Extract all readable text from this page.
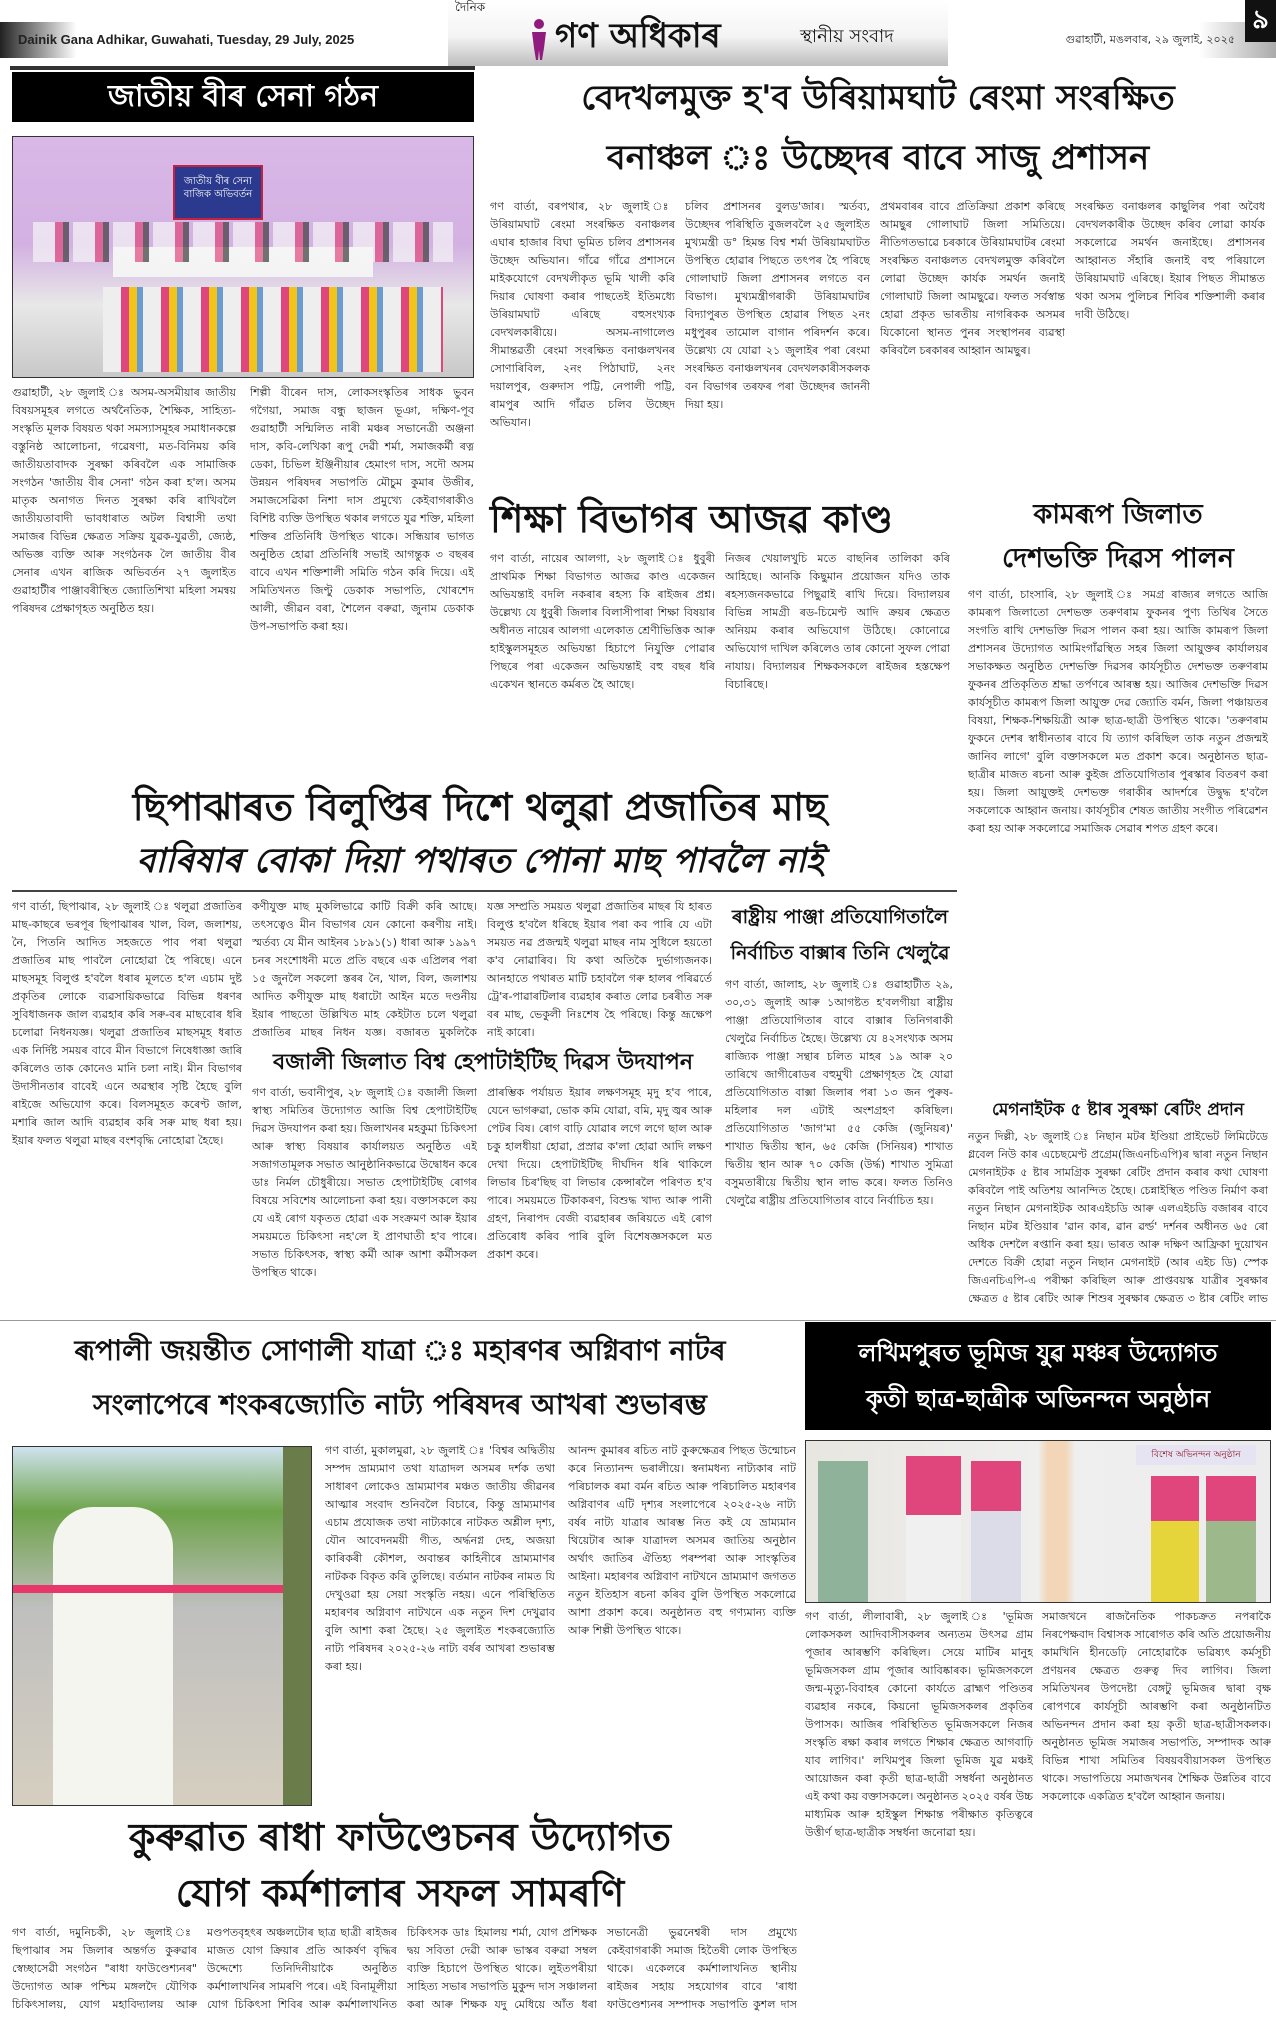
Dainik Gana Adhikar, Guwahati, Tuesday, 29 July, 2025
দৈনিক
গণ অধিকাৰ	স্থানীয় সংবাদ	গুৱাহাটী, মঙলবাৰ, ২৯ জুলাই, ২০২৫
৯
জাতীয় বীৰ সেনা গঠন
জাতীয় বীৰ সেনা বাজিক অভিবৰ্তন
গুৱাহাটী, ২৮ জুলাই ঃ অসম-অসমীয়াৰ জাতীয় বিষয়সমূহৰ লগতে অৰ্থনৈতিক, শৈক্ষিক, সাহিত্য-সংস্কৃতি মূলক বিষয়ত থকা সমস্যাসমূহৰ সমাধানকল্পে বস্তুনিষ্ঠ আলোচনা, গৱেষণা, মত-বিনিময় কৰি জাতীয়তাবাদক সুৰক্ষা কৰিবলৈ এক সামাজিক সংগঠন 'জাতীয় বীৰ সেনা' গঠন কৰা হ'ল। অসম মাতৃক অনাগত দিনত সুৰক্ষা কৰি ৰাখিবলৈ জাতীয়তাবাদী ভাবধাৰাত অটল বিশ্বাসী তথা সমাজৰ বিভিন্ন ক্ষেত্ৰত সক্ৰিয় যুৱক-যুৱতী, জ্যেষ্ঠ, অভিজ্ঞ ব্যক্তি আৰু সংগঠনক লৈ জাতীয় বীৰ সেনাৰ এখন ৰাজিক অভিবৰ্তন ২৭ জুলাইত গুৱাহাটীৰ পাঞ্জাবৰীস্থিত জ্যোতিশিখা মহিলা সমন্বয় পৰিষদৰ প্ৰেক্ষাগৃহত অনুষ্ঠিত হয়।
শিল্পী বীৰেন দাস, লোকসংস্কৃতিৰ সাধক ভুবন গগৈয়া, সমাজ বন্ধু ছাজন ভূঞা, দক্ষিণ-পূব গুৱাহাটী সন্মিলিত নাৰী মঞ্চৰ সভানেত্ৰী অঞ্জনা দাস, কবি-লেখিকা ৰূপু দেৱী শৰ্মা, সমাজকৰ্মী ৰত্ন ডেকা, চিভিল ইঞ্জিনীয়াৰ হেমাংগ দাস, সদৌ অসম উন্নয়ন পৰিষদৰ সভাপতি মৌচুম কুমাৰ উজীৰ, সমাজসেৱিকা নিশা দাস প্ৰমুখ্যে কেইবাগৰাকীও বিশিষ্ট ব্যক্তি উপস্থিত থকাৰ লগতে যুৱ শক্তি, মহিলা শক্তিৰ প্ৰতিনিধি উপস্থিত থাকে। সন্ধিয়াৰ ভাগত অনুষ্ঠিত হোৱা প্ৰতিনিধি সভাই আগন্তুক ৩ বছৰৰ বাবে এখন শক্তিশালী সমিতি গঠন কৰি দিয়ে। এই সমিতিখনত জিণ্টু ডেকাক সভাপতি, খোৰশেদ আলী, জীৱন বৰা, শৈলেন বৰুৱা, জুনাম ডেকাক উপ-সভাপতি কৰা হয়।
বেদখলমুক্ত হ'ব উৰিয়ামঘাট ৰেংমা সংৰক্ষিত
বনাঞ্চল ঃ উচ্ছেদৰ বাবে সাজু প্ৰশাসন
গণ বাৰ্তা, বৰপথাৰ, ২৮ জুলাই ঃ উৰিয়ামঘাট ৰেংমা সংৰক্ষিত বনাঞ্চলৰ এঘাৰ হাজাৰ বিঘা ভূমিত চলিব প্ৰশাসনৰ উচ্ছেদ অভিযান। গাঁৱে গাঁৱে প্ৰশাসনে মাইকযোগে বেদখলীকৃত ভূমি খালী কৰি দিয়াৰ ঘোষণা কৰাৰ পাছতেই ইতিমধ্যে উৰিয়ামঘাট এৰিছে বহুসংখ্যক বেদখলকাৰীয়ে। অসম-নাগালেণ্ড সীমান্তৱৰ্তী ৰেংমা সংৰক্ষিত বনাঞ্চলখনৰ সোণাৰিবিল, ২নং পিঠাঘাট, ২নং দয়ালপুৰ, গুৰুদাস পট্টি, নেপালী পট্টি, ৰামপুৰ আদি গাঁৱত চলিব উচ্ছেদ অভিযান।
চলিব প্ৰশাসনৰ বুলড'জাৰ। স্মৰ্তব্য, উচ্ছেদৰ পৰিস্থিতি বুজলবলৈ ২৫ জুলাইত মুখ্যমন্ত্ৰী ড° হিমন্ত বিশ্ব শৰ্মা উৰিয়ামঘাটত উপস্থিত হোৱাৰ পিছতে তৎপৰ হৈ পৰিছে গোলাঘাট জিলা প্ৰশাসনৰ লগতে বন বিভাগ। মুখ্যমন্ত্ৰীগৰাকী উৰিয়ামঘাটৰ বিদ্যাপুৰত উপস্থিত হোৱাৰ পিছত ২নং মধুপুৰৰ তামোল বাগান পৰিদৰ্শন কৰে। উল্লেখ্য যে যোৱা ২১ জুলাইৰ পৰা ৰেংমা সংৰক্ষিত বনাঞ্চলখনৰ বেদখলকাৰীসকলক বন বিভাগৰ তৰফৰ পৰা উচ্ছেদৰ জাননী দিয়া হয়।
প্ৰথমবাৰৰ বাবে প্ৰতিক্ৰিয়া প্ৰকাশ কৰিছে আমছুৰ গোলাঘাট জিলা সমিতিয়ে। নীতিগতভাৱে চৰকাৰে উৰিয়ামঘাটৰ ৰেংমা সংৰক্ষিত বনাঞ্চলত বেদখলমুক্ত কৰিবলৈ লোৱা উচ্ছেদ কাৰ্যক সমৰ্থন জনাই গোলাঘাট জিলা আমছুৱে। ফলত সৰ্বস্বান্ত হোৱা প্ৰকৃত ভাৰতীয় নাগৰিকক অসমৰ যিকোনো স্থানত পুনৰ সংস্থাপনৰ ব্যৱস্থা কৰিবলৈ চৰকাৰৰ আহ্বান আমছুৰ।
সংৰক্ষিত বনাঞ্চলৰ কাছুলিৰ পৰা অবৈধ বেদখলকাৰীক উচ্ছেদ কৰিব লোৱা কাৰ্যক সকলোৱে সমৰ্থন জনাইছে। প্ৰশাসনৰ আহ্বানত সঁহাৰি জনাই বহু পৰিয়ালে উৰিয়ামঘাট এৰিছে। ইয়াৰ পিছত সীমান্তত থকা অসম পুলিচৰ শিবিৰ শক্তিশালী কৰাৰ দাবী উঠিছে।
শিক্ষা বিভাগৰ আজৱ কাণ্ড
গণ বাৰ্তা, নায়েৰ আলগা, ২৮ জুলাই ঃ ধুবুৰী প্ৰাথমিক শিক্ষা বিভাগত আজৱ কাণ্ড একেজন অভিযন্তাই বদলি নকৰাৰ ৰহস্য কি ৰাইজৰ প্ৰশ্ন। উল্লেখ্য যে ধুবুৰী জিলাৰ বিলাসীপাৰা শিক্ষা বিষয়াৰ অধীনত নায়েৰ আলগা এলেকাত শ্ৰেণীভিত্তিক আৰু হাইস্কুলসমূহত অভিযন্তা হিচাপে নিযুক্তি পোৱাৰ পিছৰে পৰা একেজন অভিযন্তাই বহু বছৰ ধৰি একেখন স্থানতে কৰ্মৰত হৈ আছে।
নিজৰ খেয়ালখুচি মতে বাছনিৰ তালিকা কৰি আহিছে। আনকি কিছুমান প্ৰয়োজন যদিও তাক ৰহস্যজনকভাৱে পিছুৱাই ৰাখি দিয়ে। বিদ্যালয়ৰ বিভিন্ন সামগ্ৰী ৰড-চিমেণ্ট আদি ক্ৰয়ৰ ক্ষেত্ৰত অনিয়ম কৰাৰ অভিযোগ উঠিছে। কোনোৱে অভিযোগ দাখিল কৰিলেও তাৰ কোনো সুফল পোৱা নাযায়। বিদ্যালয়ৰ শিক্ষকসকলে ৰাইজৰ হস্তক্ষেপ বিচাৰিছে।
কামৰূপ জিলাত
দেশভক্তি দিৱস পালন
গণ বাৰ্তা, চাংসাৰি, ২৮ জুলাই ঃ সমগ্ৰ ৰাজ্যৰ লগতে আজি কামৰূপ জিলাতো দেশভক্ত তৰুণৰাম ফুকনৰ পুণ্য তিথিৰ সৈতে সংগতি ৰাখি দেশভক্তি দিৱস পালন কৰা হয়। আজি কামৰূপ জিলা প্ৰশাসনৰ উদ্যোগত আমিংগাঁৱস্থিত সহৰ জিলা আয়ুক্তৰ কাৰ্যালয়ৰ সভাকক্ষত অনুষ্ঠিত দেশভক্তি দিৱসৰ কাৰ্যসূচীত দেশভক্ত তৰুণৰাম ফুকনৰ প্ৰতিকৃতিত শ্ৰদ্ধা তৰ্পণৰে আৰম্ভ হয়। আজিৰ দেশভক্তি দিৱস কাৰ্যসূচীত কামৰূপ জিলা আয়ুক্ত দেৱ জ্যোতি বৰ্মন, জিলা পঞ্চায়তৰ বিষয়া, শিক্ষক-শিক্ষয়িত্ৰী আৰু ছাত্ৰ-ছাত্ৰী উপস্থিত থাকে। 'তৰুণৰাম ফুকনে দেশৰ স্বাধীনতাৰ বাবে যি ত্যাগ কৰিছিল তাক নতুন প্ৰজন্মই জানিব লাগে' বুলি বক্তাসকলে মত প্ৰকাশ কৰে। অনুষ্ঠানত ছাত্ৰ-ছাত্ৰীৰ মাজত ৰচনা আৰু কুইজ প্ৰতিযোগিতাৰ পুৰস্কাৰ বিতৰণ কৰা হয়। জিলা আয়ুক্তই দেশভক্ত গৰাকীৰ আদৰ্শৰে উদ্বুদ্ধ হ'বলৈ সকলোকে আহ্বান জনায়। কাৰ্যসূচীৰ শেষত জাতীয় সংগীত পৰিৱেশন কৰা হয় আৰু সকলোৱে সমাজিক সেৱাৰ শপত গ্ৰহণ কৰে।
ছিপাঝাৰত বিলুপ্তিৰ দিশে থলুৱা প্ৰজাতিৰ মাছ
বাৰিষাৰ বোকা দিয়া পথাৰত পোনা মাছ পাবলৈ নাই
গণ বাৰ্তা, ছিপাঝাৰ, ২৮ জুলাই ঃ থলুৱা প্ৰজাতিৰ মাছ-কাছৰে ভৰপূৰ ছিপাঝাৰৰ খাল, বিল, জলাশয়, নৈ, পিতনি আদিত সহজতে পাব পৰা থলুৱা প্ৰজাতিৰ মাছ পাবলৈ নোহোৱা হৈ পৰিছে। এনে মাছসমূহ বিলুপ্ত হ'বলৈ ধৰাৰ মূলতে হ'ল এচাম দুষ্ট প্ৰকৃতিৰ লোকে ব্যৱসায়িকভাৱে বিভিন্ন ধৰণৰ সুবিধাজনক জাল ব্যৱহাৰ কৰি সৰু-বৰ মাছবোৰ ধৰি চলোৱা নিধনযজ্ঞ। থলুৱা প্ৰজাতিৰ মাছসমূহ ধৰাত এক নিৰ্দিষ্ট সময়ৰ বাবে মীন বিভাগে নিষেধাজ্ঞা জাৰি কৰিলেও তাক কোনেও মানি চলা নাই। মীন বিভাগৰ উদাসীনতাৰ বাবেই এনে অৱস্থাৰ সৃষ্টি হৈছে বুলি ৰাইজে অভিযোগ কৰে। বিলসমূহত কৰেণ্ট জাল, মশাৰি জাল আদি ব্যৱহাৰ কৰি সৰু মাছ ধৰা হয়। ইয়াৰ ফলত থলুৱা মাছৰ বংশবৃদ্ধি নোহোৱা হৈছে।
কণীযুক্ত মাছ মুকলিভাৱে কাটি বিক্ৰী কৰি আছে। তৎসত্বেও মীন বিভাগৰ যেন কোনো কৰণীয় নাই। স্মৰ্তব্য যে মীন আইনৰ ১৮৯১(১) ধাৰা আৰু ১৯৯৭ চনৰ সংশোধনী মতে প্ৰতি বছৰে এক এপ্ৰিলৰ পৰা ১৫ জুনলৈ সকলো স্তৰৰ নৈ, খাল, বিল, জলাশয় আদিত কণীযুক্ত মাছ ধৰাটো আইন মতে দণ্ডনীয় ইয়াৰ পাছতো উল্লিখিত মাহ কেইটাত চলে থলুৱা প্ৰজাতিৰ মাছৰ নিধন যজ্ঞ। বজাৰত মুকলিকৈ
যজ্ঞ সম্প্ৰতি সময়ত থলুৱা প্ৰজাতিৰ মাছৰ যি হাৰত বিলুপ্ত হ'বলৈ ধৰিছে ইয়াৰ পৰা কব পাৰি যে এটা সময়ত নৱ প্ৰজন্মই থলুৱা মাছৰ নাম সুধিলে হয়তো ক'ব নোৱাৰিব। যি কথা অতিকৈ দুৰ্ভাগ্যজনক। আনহাতে পথাৰত মাটি চহাবলৈ গৰু হালৰ পৰিৱৰ্তে ট্ৰে'ৰ-পাৱাৰটিলাৰ ব্যৱহাৰ কৰাত লোৱ চৰৰীত সৰু বৰ মাছ, ভেকুলী নিঃশেষ হৈ পৰিছে। কিন্তু ভ্ৰূক্ষেপ নাই কাৰো।
বজালী জিলাত বিশ্ব হেপাটাইটিছ দিৱস উদযাপন
গণ বাৰ্তা, ভবানীপুৰ, ২৮ জুলাই ঃ বজালী জিলা স্বাস্থ্য সমিতিৰ উদ্যোগত আজি বিশ্ব হেপাটাইটিছ দিৱস উদযাপন কৰা হয়। জিলাখনৰ মহকুমা চিকিৎসা আৰু স্বাস্থ্য বিষয়াৰ কাৰ্যালয়ত অনুষ্ঠিত এই সজাগতামূলক সভাত আনুষ্ঠানিকভাৱে উদ্বোধন কৰে ডাঃ নিৰ্মল চৌধুৰীয়ে। সভাত হেপাটাইটিছ ৰোগৰ বিষয়ে সবিশেষ আলোচনা কৰা হয়। বক্তাসকলে কয় যে এই ৰোগ যকৃতত হোৱা এক সংক্ৰমণ আৰু ইয়াৰ সময়মতে চিকিৎসা নহ'লে ই প্ৰাণঘাতী হ'ব পাৰে। সভাত চিকিৎসক, স্বাস্থ্য কৰ্মী আৰু আশা কৰ্মীসকল উপস্থিত থাকে।
প্ৰাৰম্ভিক পৰ্যায়ত ইয়াৰ লক্ষণসমূহ মৃদু হ'ব পাৰে, যেনে ভাগৰুৱা, ভোক কমি যোৱা, বমি, মৃদু জ্বৰ আৰু পেটৰ বিষ। ৰোগ বাঢ়ি যোৱাৰ লগে লগে ছাল আৰু চকু হালধীয়া হোৱা, প্ৰস্ৰাৱ ক'লা হোৱা আদি লক্ষণ দেখা দিয়ে। হেপাটাইটিছ দীৰ্ঘদিন ধৰি থাকিলে লিভাৰ চিৰ'ছিছ বা লিভাৰ কেন্সাৰলৈ পৰিণত হ'ব পাৰে। সময়মতে টিকাকৰণ, বিশুদ্ধ খাদ্য আৰু পানী গ্ৰহণ, নিৰাপদ বেজী ব্যৱহাৰৰ জৰিয়তে এই ৰোগ প্ৰতিৰোধ কৰিব পাৰি বুলি বিশেষজ্ঞসকলে মত প্ৰকাশ কৰে।
ৰাষ্ট্ৰীয় পাঞ্জা প্ৰতিযোগিতালৈ
নিৰ্বাচিত বাক্সাৰ তিনি খেলুৱৈ
গণ বাৰ্তা, জালাহ, ২৮ জুলাই ঃ গুৱাহাটীত ২৯, ৩০,৩১ জুলাই আৰু ১আগষ্টত হ'বলগীয়া ৰাষ্ট্ৰীয় পাঞ্জা প্ৰতিযোগিতাৰ বাবে বাক্সাৰ তিনিগৰাকী খেলুৱৈ নিৰ্বাচিত হৈছে। উল্লেখ্য যে ৪২সংখ্যক অসম ৰাজ্যিক পাঞ্জা সন্থাৰ চলিত মাহৰ ১৯ আৰু ২০ তাৰিখে জাগীৰোডৰ বহুমুখী প্ৰেক্ষাগৃহত হৈ যোৱা প্ৰতিযোগিতাত বাক্সা জিলাৰ পৰা ১৩ জন পুৰুষ-মহিলাৰ দল এটাই অংশগ্ৰহণ কৰিছিল। প্ৰতিযোগিতাত 'জাগ'মা ৫৫ কেজি (জুনিয়ৰ)' শাখাত দ্বিতীয় স্থান, ৬৫ কেজি (সিনিয়ৰ) শাখাত দ্বিতীয় স্থান আৰু ৭০ কেজি (উৰ্দ্ধ) শাখাত সুমিত্ৰা বসুমতাৰীয়ে দ্বিতীয় স্থান লাভ কৰে। ফলত তিনিও খেলুৱৈ ৰাষ্ট্ৰীয় প্ৰতিযোগিতাৰ বাবে নিৰ্বাচিত হয়।
মেগনাইটক ৫ ষ্টাৰ সুৰক্ষা ৰেটিং প্ৰদান
নতুন দিল্লী, ২৮ জুলাই ঃ নিছান মটৰ ইণ্ডিয়া প্ৰাইভেট লিমিটেডে গ্লবেল নিউ কাৰ এচেছমেণ্ট প্ৰগ্ৰেম(জিএনচিএপি)ৰ দ্বাৰা নতুন নিছান মেগনাইটক ৫ ষ্টাৰ সামগ্ৰিক সুৰক্ষা ৰেটিং প্ৰদান কৰাৰ কথা ঘোষণা কৰিবলৈ পাই অতিশয় আনন্দিত হৈছে। চেন্নাইস্থিত পণ্ডিত নিৰ্মাণ কৰা নতুন নিছান মেগনাইটক আৰএইচডি আৰু এলএইচডি বজাৰৰ বাবে নিছান মটৰ ইণ্ডিয়াৰ 'ৱান কাৰ, ৱান ৱৰ্ল্ড' দৰ্শনৰ অধীনত ৬৫ ৰো অধিক দেশলৈ ৰপ্তানি কৰা হয়। ভাৰত আৰু দক্ষিণ আফ্ৰিকা দুয়োখন দেশতে বিক্ৰী হোৱা নতুন নিছান মেগনাইট (আৰ এইচ ডি) স্পেক জিএনচিএপি-এ পৰীক্ষা কৰিছিল আৰু প্ৰাপ্তবয়স্ক যাত্ৰীৰ সুৰক্ষাৰ ক্ষেত্ৰত ৫ ষ্টাৰ ৰেটিং আৰু শিশুৰ সুৰক্ষাৰ ক্ষেত্ৰত ৩ ষ্টাৰ ৰেটিং লাভ
ৰূপালী জয়ন্তীত সোণালী যাত্ৰা ঃ মহাৰণৰ অগ্নিবাণ নাটৰ
সংলাপেৰে শংকৰজ্যোতি নাট্য পৰিষদৰ আখৰা শুভাৰম্ভ
গণ বাৰ্তা, মুকালমুৱা, ২৮ জুলাই ঃ 'বিশ্বৰ অদ্বিতীয় সম্পদ ভ্ৰাম্যমাণ তথা যাত্ৰাদল অসমৰ দৰ্শক তথা সাধাৰণ লোকেও ভ্ৰাম্যমাণৰ মঞ্চত জাতীয় জীৱনৰ আত্মাৰ সংবাদ শুনিবলৈ বিচাৰে, কিন্তু ভ্ৰাম্যমাণৰ এচাম প্ৰযোজক তথা নাট্যকাৰে নাটকত অশ্লীল দৃশ্য, যৌন আবেদনময়ী গীত, অৰ্দ্ধনগ্ন দেহ, অজয়া কাৰিকৰী কৌশল, অবান্তৰ কাহিনীৰে ভ্ৰাম্যমাণৰ নাটকক বিকৃত কৰি তুলিছে। বৰ্তমান নাটকৰ নামত যি দেখুওৱা হয় সেয়া সংস্কৃতি নহয়। এনে পৰিস্থিতিত মহাৰণৰ অগ্নিবাণ নাটখনে এক নতুন দিশ দেখুৱাব বুলি আশা কৰা হৈছে। ২৫ জুলাইত শংকৰজ্যোতি নাট্য পৰিষদৰ ২০২৫-২৬ নাট্য বৰ্ষৰ আখৰা শুভাৰম্ভ কৰা হয়।
আনন্দ কুমাৰৰ ৰচিত নাট কুৰুক্ষেত্ৰৰ পিছত উন্মোচন কৰে নিত্যানন্দ ভৰালীয়ে। স্বনামধন্য নাট্যকাৰ নাট পৰিচালক ৰমা বৰ্মন ৰচিত আৰু পৰিচালিত মহাৰণৰ অগ্নিবাণৰ এটি দৃশ্যৰ সংলাপেৰে ২০২৫-২৬ নাট্য বৰ্ষৰ নাট্য যাত্ৰাৰ আৰম্ভ নিত কই যে ভ্ৰাম্যমান থিয়েটাৰ আৰু যাত্ৰাদল অসমৰ জাতিয় অনুষ্ঠান অৰ্থাৎ জাতিৰ ঐতিহ্য পৰম্পৰা আৰু সাংস্কৃতিৰ আইনা। মহাৰণৰ অগ্নিবাণ নাটখনে ভ্ৰাম্যমাণ জগতত নতুন ইতিহাস ৰচনা কৰিব বুলি উপস্থিত সকলোৱে আশা প্ৰকাশ কৰে। অনুষ্ঠানত বহু গণ্যমান্য ব্যক্তি আৰু শিল্পী উপস্থিত থাকে।
লখিমপুৰত ভূমিজ যুৱ মঞ্চৰ উদ্যোগত
কৃতী ছাত্ৰ-ছাত্ৰীক অভিনন্দন অনুষ্ঠান
বিশেষ অভিনন্দন অনুষ্ঠান
গণ বাৰ্তা, লীলাবাৰী, ২৮ জুলাই ঃ 'ভূমিজ লোকসকল আদিবাসীসকলৰ অন্যতম উৎসৱ গ্ৰাম পূজাৰ আৰম্ভণি কৰিছিল। সেয়ে মাটিৰ মানুহ ভূমিজসকল গ্ৰাম পূজাৰ আবিষ্কাৰক। ভূমিজসকলে জন্ম-মৃত্যু-বিবাহৰ কোনো কাৰ্যতে ব্ৰাহ্মণ পণ্ডিতৰ ব্যৱহাৰ নকৰে, কিয়নো ভূমিজসকলৰ প্ৰকৃতিৰ উপাসক। আজিৰ পৰিস্থিতিত ভূমিজসকলে নিজৰ সংস্কৃতি ৰক্ষা কৰাৰ লগতে শিক্ষাৰ ক্ষেত্ৰত আগবাঢ়ি যাব লাগিব।' লখিমপুৰ জিলা ভূমিজ যুৱ মঞ্চই আয়োজন কৰা কৃতী ছাত্ৰ-ছাত্ৰী সম্বৰ্ধনা অনুষ্ঠানত এই কথা কয় বক্তাসকলে। অনুষ্ঠানত ২০২৫ বৰ্ষৰ উচ্চ মাধ্যমিক আৰু হাইস্কুল শিক্ষান্ত পৰীক্ষাত কৃতিত্বৰে উত্তীৰ্ণ ছাত্ৰ-ছাত্ৰীক সম্বৰ্ধনা জনোৱা হয়।
সমাজখনে ৰাজনৈতিক পাকচক্ৰত নপৰাকৈ নিৰপেক্ষবাদ বিশ্বাসক সাৰোগত কৰি অতি প্ৰয়োজনীয় কামখিনি হীনডেঢ়ি নোহোৱাকৈ ভৱিষ্যৎ কৰ্মসূচী প্ৰণয়নৰ ক্ষেত্ৰত গুৰুত্ব দিব লাগিব। জিলা সমিতিখনৰ উপদেষ্টা বেঙ্গটু ভূমিজৰ দ্বাৰা বৃক্ষ ৰোপণৰে কাৰ্যসূচী আৰম্ভণি কৰা অনুষ্ঠানটিত অভিনন্দন প্ৰদান কৰা হয় কৃতী ছাত্ৰ-ছাত্ৰীসকলক। অনুষ্ঠানত ভূমিজ সমাজৰ সভাপতি, সম্পাদক আৰু বিভিন্ন শাখা সমিতিৰ বিষয়ববীয়াসকল উপস্থিত থাকে। সভাপতিয়ে সমাজখনৰ শৈক্ষিক উন্নতিৰ বাবে সকলোকে একত্ৰিত হ'বলৈ আহ্বান জনায়।
কুৰুৱাত ৰাধা ফাউণ্ডেচনৰ উদ্যোগত
যোগ কৰ্মশালাৰ সফল সামৰণি
গণ বাৰ্তা, দমুনিচকী, ২৮ জুলাই ঃ ছিপাঝাৰ সম জিলাৰ অন্তৰ্গত কুৰুৱাৰ স্বেচ্ছাসেৱী সংগঠন "ৰাধা ফাউণ্ডেশ্যনৰ" উদ্যোগত আৰু পশ্চিম মঙ্গলদৈ যৌগিক চিকিৎসালয়, যোগ মহাবিদ্যালয় আৰু
মণ্ডপতবৃহৎৰ অঞ্চলটোৰ ছাত্ৰ ছাত্ৰী ৰাইজৰ মাজত যোগ ক্ৰিয়াৰ প্ৰতি আকৰ্ষণ বৃদ্ধিৰ উদ্দেশ্যে তিনিদিনীয়াকৈ অনুষ্ঠিত কৰ্মশালাখনিৰ সামৰণি পৰে। এই বিনামূলীয়া যোগ চিকিৎসা শিবিৰ আৰু কৰ্মশালাখনিত
চিকিৎসক ডাঃ হিমালয় শৰ্মা, যোগ প্ৰশিক্ষক দ্বয় সবিতা দেৱী আৰু ভাস্কৰ বৰুৱা সম্বল ব্যক্তি হিচাপে উপস্থিত থাকে। লুইতপৰীয়া সাহিত্য সভাৰ সভাপতি মুকুন্দ দাস সঞ্চালনা কৰা আৰু শিক্ষক যদু মেধিয়ে আঁত ধৰা
সভানেত্ৰী ভুৱনেশ্বৰী দাস প্ৰমুখ্যে কেইবাগৰাকী সমাজ হিতৈষী লোক উপস্থিত থাকে। একেলৰে কৰ্মশালাখনিত স্থানীয় ৰাইজৰ সহায় সহযোগৰ বাবে 'ৰাধা ফাউণ্ডেশ্যনৰ সম্পাদক সভাপতি কুশল দাস
